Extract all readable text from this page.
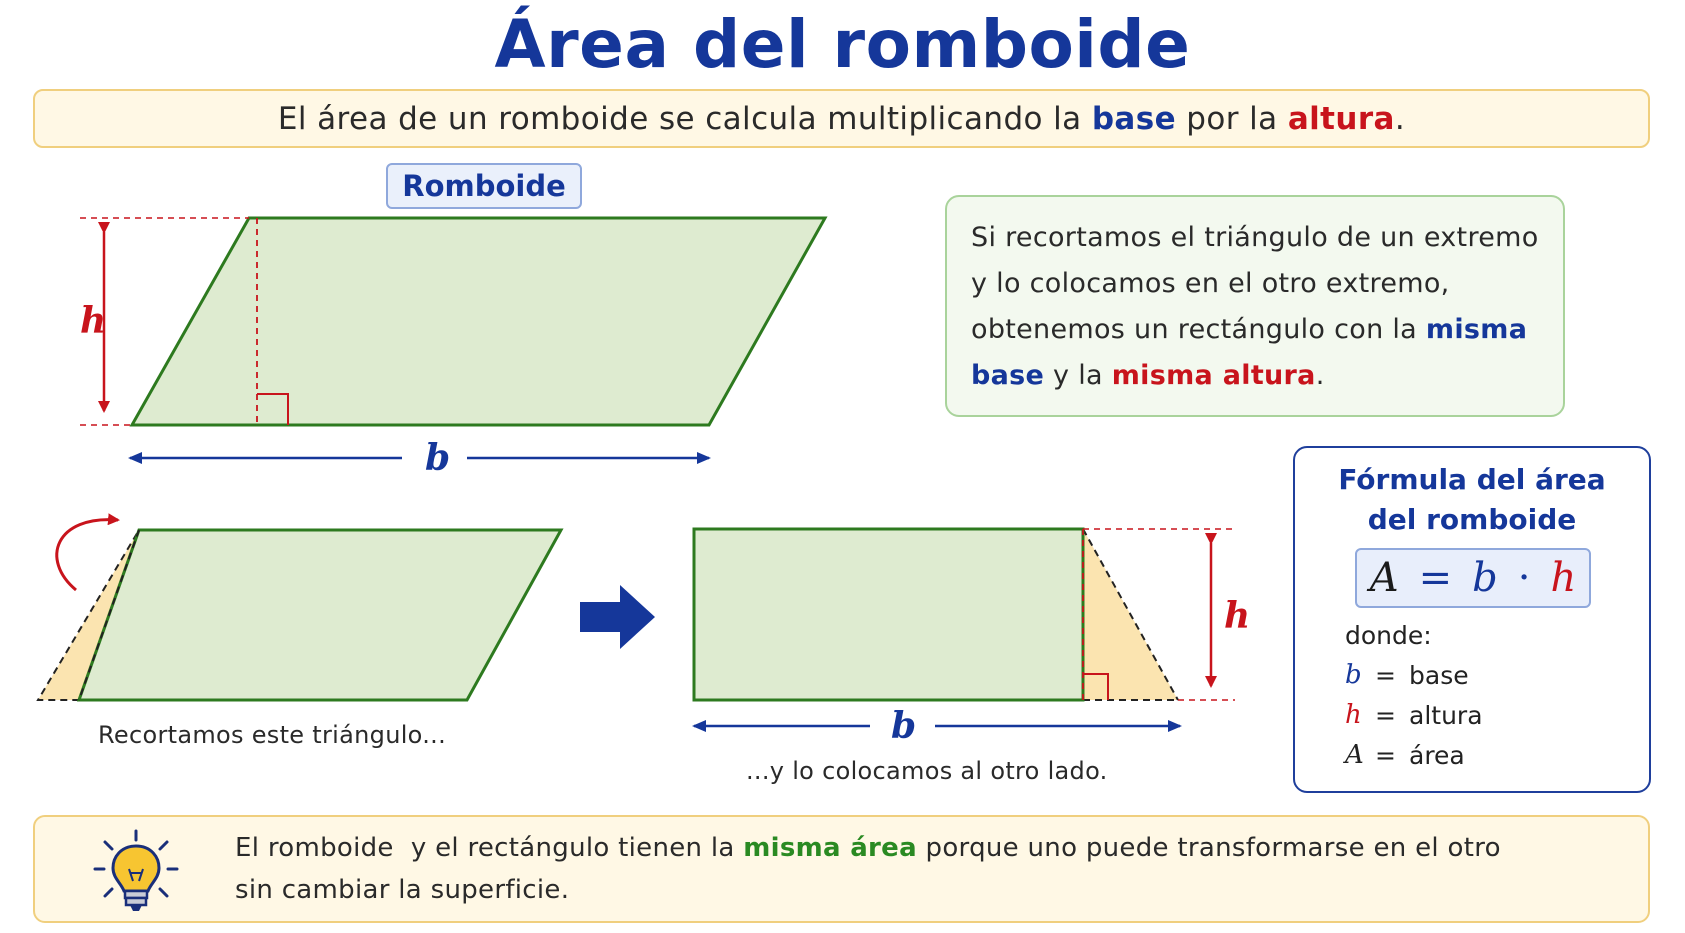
Área del romboide
El área de un romboide se calcula multiplicando la
base
por la
altura .
Romboide
h
b
h
b
Recortamos este triángulo...
...y lo colocamos al otro lado.
Si recortamos el triángulo de un extremo
y lo colocamos en el otro extremo,
obtenemos un rectángulo con la misma
base y la misma altura.
Fórmula del área
del romboide
A = b · h
donde:
b = base
h = altura
A = área
El romboide  y el rectángulo tienen la misma área porque uno puede transformarse en el otro
sin cambiar la superficie.
